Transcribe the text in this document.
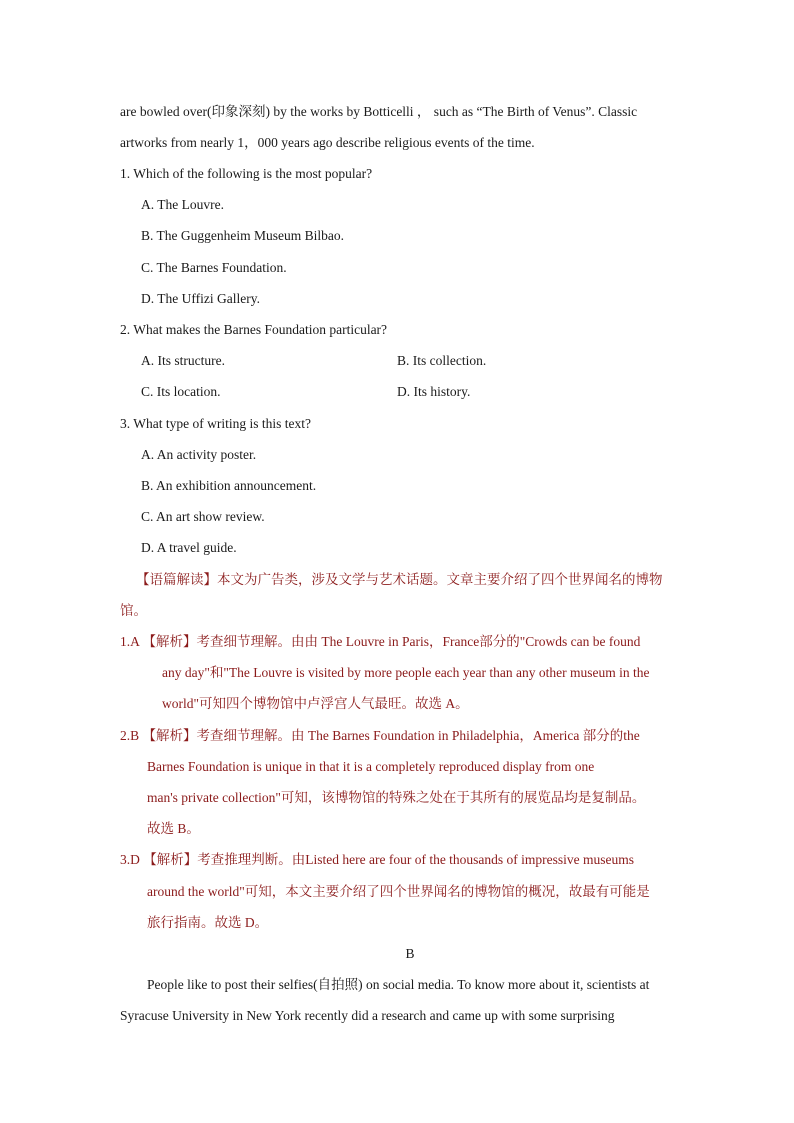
are bowled over(印象深刻) by the works by Botticelli ， such as “The Birth of Venus”. Classic
artworks from nearly 1，000 years ago describe religious events of the time.
1. Which of the following is the most popular?
A. The Louvre.
B. The Guggenheim Museum Bilbao.
C. The Barnes Foundation.
D. The Uffizi Gallery.
2. What makes the Barnes Foundation particular?
A. Its structure.	B. Its collection.
C. Its location.	D. Its history.
3. What type of writing is this text?
A. An activity poster.
B. An exhibition announcement.
C. An art show review.
D. A travel guide.
【语篇解读】本文为广告类，涉及文学与艺术话题。文章主要介绍了四个世界闻名的博物
馆。
1.A 【解析】考查细节理解。由由 The Louvre in Paris，France部分的"Crowds can be found
any day"和"The Louvre is visited by more people each year than any other museum in the
world"可知四个博物馆中卢浮宫人气最旺。故选 A。
2.B 【解析】考查细节理解。由 The Barnes Foundation in Philadelphia，America 部分的the
Barnes Foundation is unique in that it is a completely reproduced display from one
man's private collection"可知，该博物馆的特殊之处在于其所有的展览品均是复制品。
故选 B。
3.D 【解析】考查推理判断。由Listed here are four of the thousands of impressive museums
around the world"可知，本文主要介绍了四个世界闻名的博物馆的概况，故最有可能是
旅行指南。故选 D。
B
People like to post their selfies(自拍照) on social media. To know more about it, scientists at
Syracuse University in New York recently did a research and came up with some surprising
